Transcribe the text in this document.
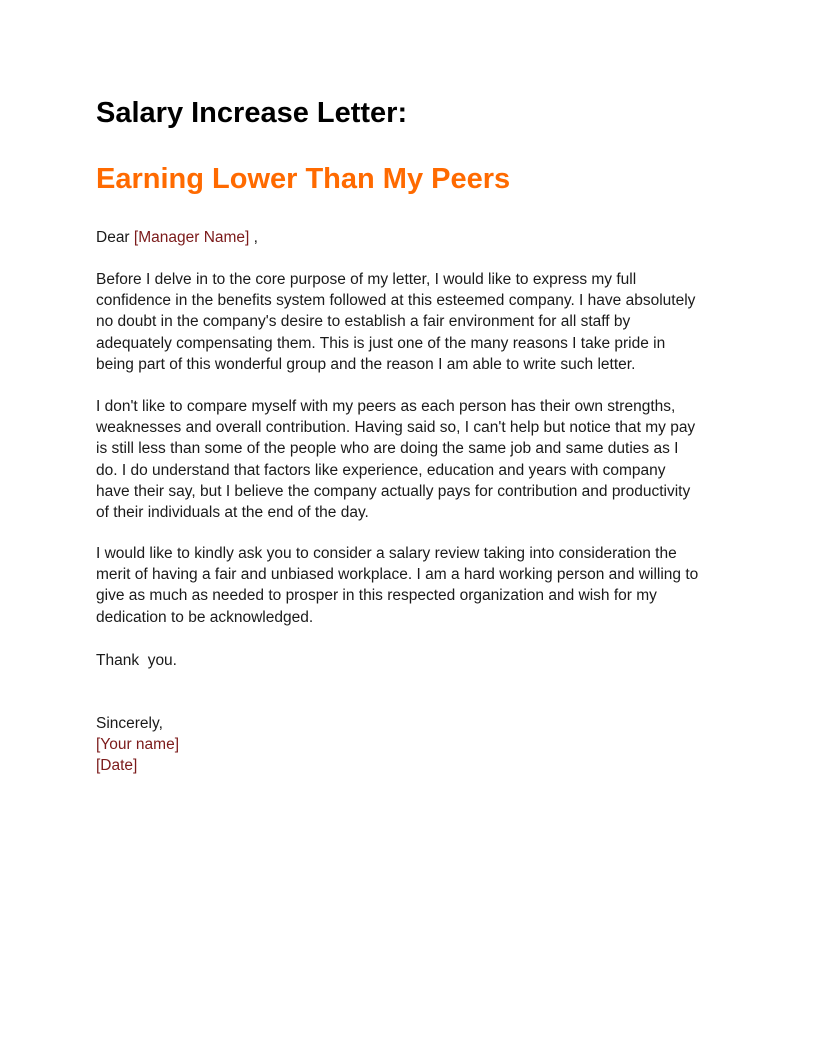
Salary Increase Letter:
Earning Lower Than My Peers

Dear [Manager Name] ,

Before I delve in to the core purpose of my letter, I would like to express my full
confidence in the benefits system followed at this esteemed company. I have absolutely
no doubt in the company's desire to establish a fair environment for all staff by
adequately compensating them. This is just one of the many reasons I take pride in
being part of this wonderful group and the reason I am able to write such letter.

I don't like to compare myself with my peers as each person has their own strengths,
weaknesses and overall contribution. Having said so, I can't help but notice that my pay
is still less than some of the people who are doing the same job and same duties as I
do. I do understand that factors like experience, education and years with company
have their say, but I believe the company actually pays for contribution and productivity
of their individuals at the end of the day.

I would like to kindly ask you to consider a salary review taking into consideration the
merit of having a fair and unbiased workplace. I am a hard working person and willing to
give as much as needed to prosper in this respected organization and wish for my
dedication to be acknowledged.

Thank  you.

Sincerely,
[Your name]
[Date]
